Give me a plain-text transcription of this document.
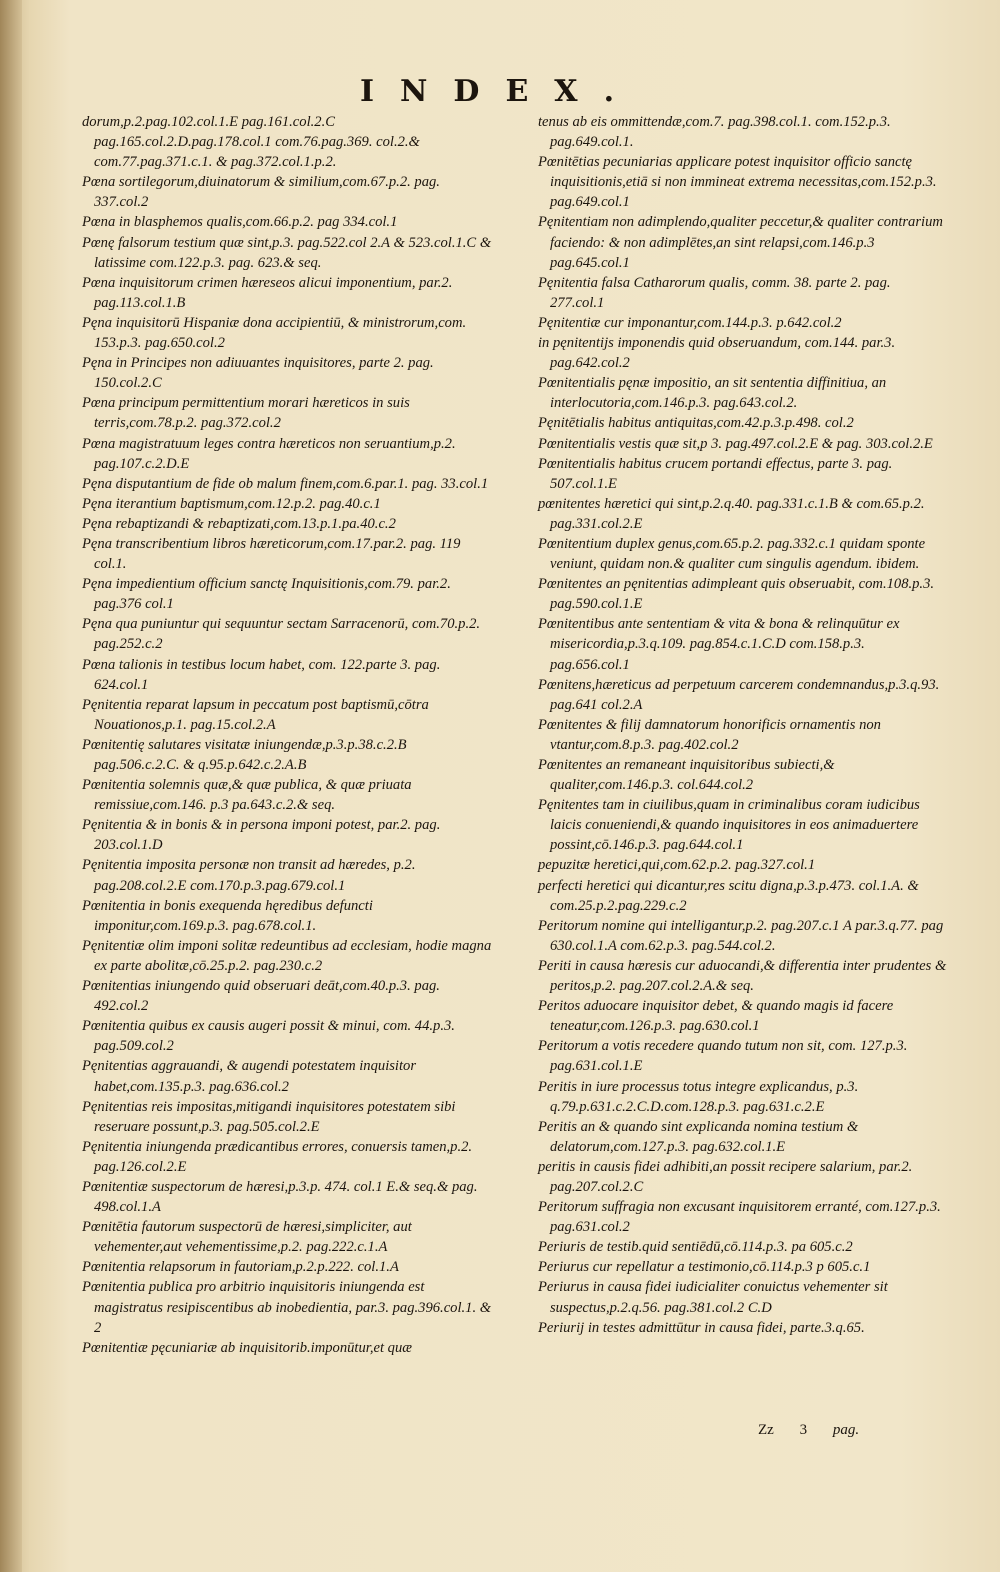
INDEX.

dorum,p.2.pag.102.col.1.E pag.161.col.2.C pag.165.col.2.D.pag.178.col.1 com.76.pag.369. col.2.& com.77.pag.371.c.1. & pag.372.col.1.p.2.

Pœna sortilegorum,diuinatorum & similium,com.67.p.2. pag. 337.col.2

Pœna in blasphemos qualis,com.66.p.2. pag 334.col.1

Pœnę falsorum testium quæ sint,p.3. pag.522.col 2.A & 523.col.1.C & latissime com.122.p.3. pag. 623.& seq.

Pœna inquisitorum crimen hæreseos alicui imponentium, par.2. pag.113.col.1.B

Pęna inquisitorū Hispaniæ dona accipientiū, & ministrorum,com. 153.p.3. pag.650.col.2

Pęna in Principes non adiuuantes inquisitores, parte 2. pag. 150.col.2.C

Pœna principum permittentium morari hæreticos in suis terris,com.78.p.2. pag.372.col.2

Pœna magistratuum leges contra hæreticos non seruantium,p.2. pag.107.c.2.D.E

Pęna disputantium de fide ob malum finem,com.6.par.1. pag. 33.col.1

Pęna iterantium baptismum,com.12.p.2. pag.40.c.1

Pęna rebaptizandi & rebaptizati,com.13.p.1.pa.40.c.2

Pęna transcribentium libros hæreticorum,com.17.par.2. pag. 119 col.1.

Pęna impedientium officium sanctę Inquisitionis,com.79. par.2. pag.376 col.1

Pęna qua puniuntur qui sequuntur sectam Sarracenorū, com.70.p.2. pag.252.c.2

Pœna talionis in testibus locum habet, com. 122.parte 3. pag. 624.col.1

Pęnitentia reparat lapsum in peccatum post baptismū,cōtra Nouationos,p.1. pag.15.col.2.A

Pœnitentię salutares visitatæ iniungendæ,p.3.p.38.c.2.B pag.506.c.2.C. & q.95.p.642.c.2.A.B

Pœnitentia solemnis quæ,& quæ publica, & quæ priuata remissiue,com.146. p.3 pa.643.c.2.& seq.

Pęnitentia & in bonis & in persona imponi potest, par.2. pag. 203.col.1.D

Pęnitentia imposita personæ non transit ad hæredes, p.2. pag.208.col.2.E com.170.p.3.pag.679.col.1

Pœnitentia in bonis exequenda hęredibus defuncti imponitur,com.169.p.3. pag.678.col.1.

Pęnitentiæ olim imponi solitæ redeuntibus ad ecclesiam, hodie magna ex parte abolitæ,cō.25.p.2. pag.230.c.2

Pœnitentias iniungendo quid obseruari deāt,com.40.p.3. pag. 492.col.2

Pœnitentia quibus ex causis augeri possit & minui, com. 44.p.3. pag.509.col.2

Pęnitentias aggrauandi, & augendi potestatem inquisitor habet,com.135.p.3. pag.636.col.2

Pęnitentias reis impositas,mitigandi inquisitores potestatem sibi reseruare possunt,p.3. pag.505.col.2.E

Pęnitentia iniungenda prædicantibus errores, conuersis tamen,p.2. pag.126.col.2.E

Pœnitentiæ suspectorum de hæresi,p.3.p. 474. col.1 E.& seq.& pag. 498.col.1.A

Pœnitētia fautorum suspectorū de hæresi,simpliciter, aut vehementer,aut vehementissime,p.2. pag.222.c.1.A

Pœnitentia relapsorum in fautoriam,p.2.p.222. col.1.A

Pœnitentia publica pro arbitrio inquisitoris iniungenda est magistratus resipiscentibus ab inobedientia, par.3. pag.396.col.1. & 2

Pœnitentiæ pęcuniariæ ab inquisitorib.imponūtur,et quæ

tenus ab eis ommittendæ,com.7. pag.398.col.1. com.152.p.3. pag.649.col.1.

Pœnitētias pecuniarias applicare potest inquisitor officio sanctę inquisitionis,etiā si non immineat extrema necessitas,com.152.p.3. pag.649.col.1

Pęnitentiam non adimplendo,qualiter peccetur,& qualiter contrarium faciendo: & non adimplētes,an sint relapsi,com.146.p.3 pag.645.col.1

Pęnitentia falsa Catharorum qualis, comm. 38. parte 2. pag. 277.col.1

Pęnitentiæ cur imponantur,com.144.p.3. p.642.col.2

in pęnitentijs imponendis quid obseruandum, com.144. par.3. pag.642.col.2

Pœnitentialis pęnæ impositio, an sit sententia diffinitiua, an interlocutoria,com.146.p.3. pag.643.col.2.

Pęnitētialis habitus antiquitas,com.42.p.3.p.498. col.2

Pœnitentialis vestis quæ sit,p 3. pag.497.col.2.E & pag. 303.col.2.E

Pœnitentialis habitus crucem portandi effectus, parte 3. pag. 507.col.1.E

pœnitentes hæretici qui sint,p.2.q.40. pag.331.c.1.B & com.65.p.2. pag.331.col.2.E

Pœnitentium duplex genus,com.65.p.2. pag.332.c.1 quidam sponte veniunt, quidam non.& qualiter cum singulis agendum. ibidem.

Pœnitentes an pęnitentias adimpleant quis obseruabit, com.108.p.3. pag.590.col.1.E

Pœnitentibus ante sententiam & vita & bona & relinquūtur ex misericordia,p.3.q.109. pag.854.c.1.C.D com.158.p.3. pag.656.col.1

Pœnitens,hæreticus ad perpetuum carcerem condemnandus,p.3.q.93. pag.641 col.2.A

Pœnitentes & filij damnatorum honorificis ornamentis non vtantur,com.8.p.3. pag.402.col.2

Pœnitentes an remaneant inquisitoribus subiecti,& qualiter,com.146.p.3. col.644.col.2

Pęnitentes tam in ciuilibus,quam in criminalibus coram iudicibus laicis conueniendi,& quando inquisitores in eos animaduertere possint,cō.146.p.3. pag.644.col.1

pepuzitæ heretici,qui,com.62.p.2. pag.327.col.1

perfecti heretici qui dicantur,res scitu digna,p.3.p.473. col.1.A. & com.25.p.2.pag.229.c.2

Peritorum nomine qui intelligantur,p.2. pag.207.c.1 A par.3.q.77. pag 630.col.1.A com.62.p.3. pag.544.col.2.

Periti in causa hæresis cur aduocandi,& differentia inter prudentes & peritos,p.2. pag.207.col.2.A.& seq.

Peritos aduocare inquisitor debet, & quando magis id facere teneatur,com.126.p.3. pag.630.col.1

Peritorum a votis recedere quando tutum non sit, com. 127.p.3. pag.631.col.1.E

Peritis in iure processus totus integre explicandus, p.3. q.79.p.631.c.2.C.D.com.128.p.3. pag.631.c.2.E

Peritis an & quando sint explicanda nomina testium & delatorum,com.127.p.3. pag.632.col.1.E

peritis in causis fidei adhibiti,an possit recipere salarium, par.2. pag.207.col.2.C

Peritorum suffragia non excusant inquisitorem erranté, com.127.p.3. pag.631.col.2

Periuris de testib.quid sentiēdū,cō.114.p.3. pa 605.c.2

Periurus cur repellatur a testimonio,cō.114.p.3 p 605.c.1

Periurus in causa fidei iudicialiter conuictus vehementer sit suspectus,p.2.q.56. pag.381.col.2 C.D

Periurij in testes admittūtur in causa fidei, parte.3.q.65.

Zz 3 pag.
